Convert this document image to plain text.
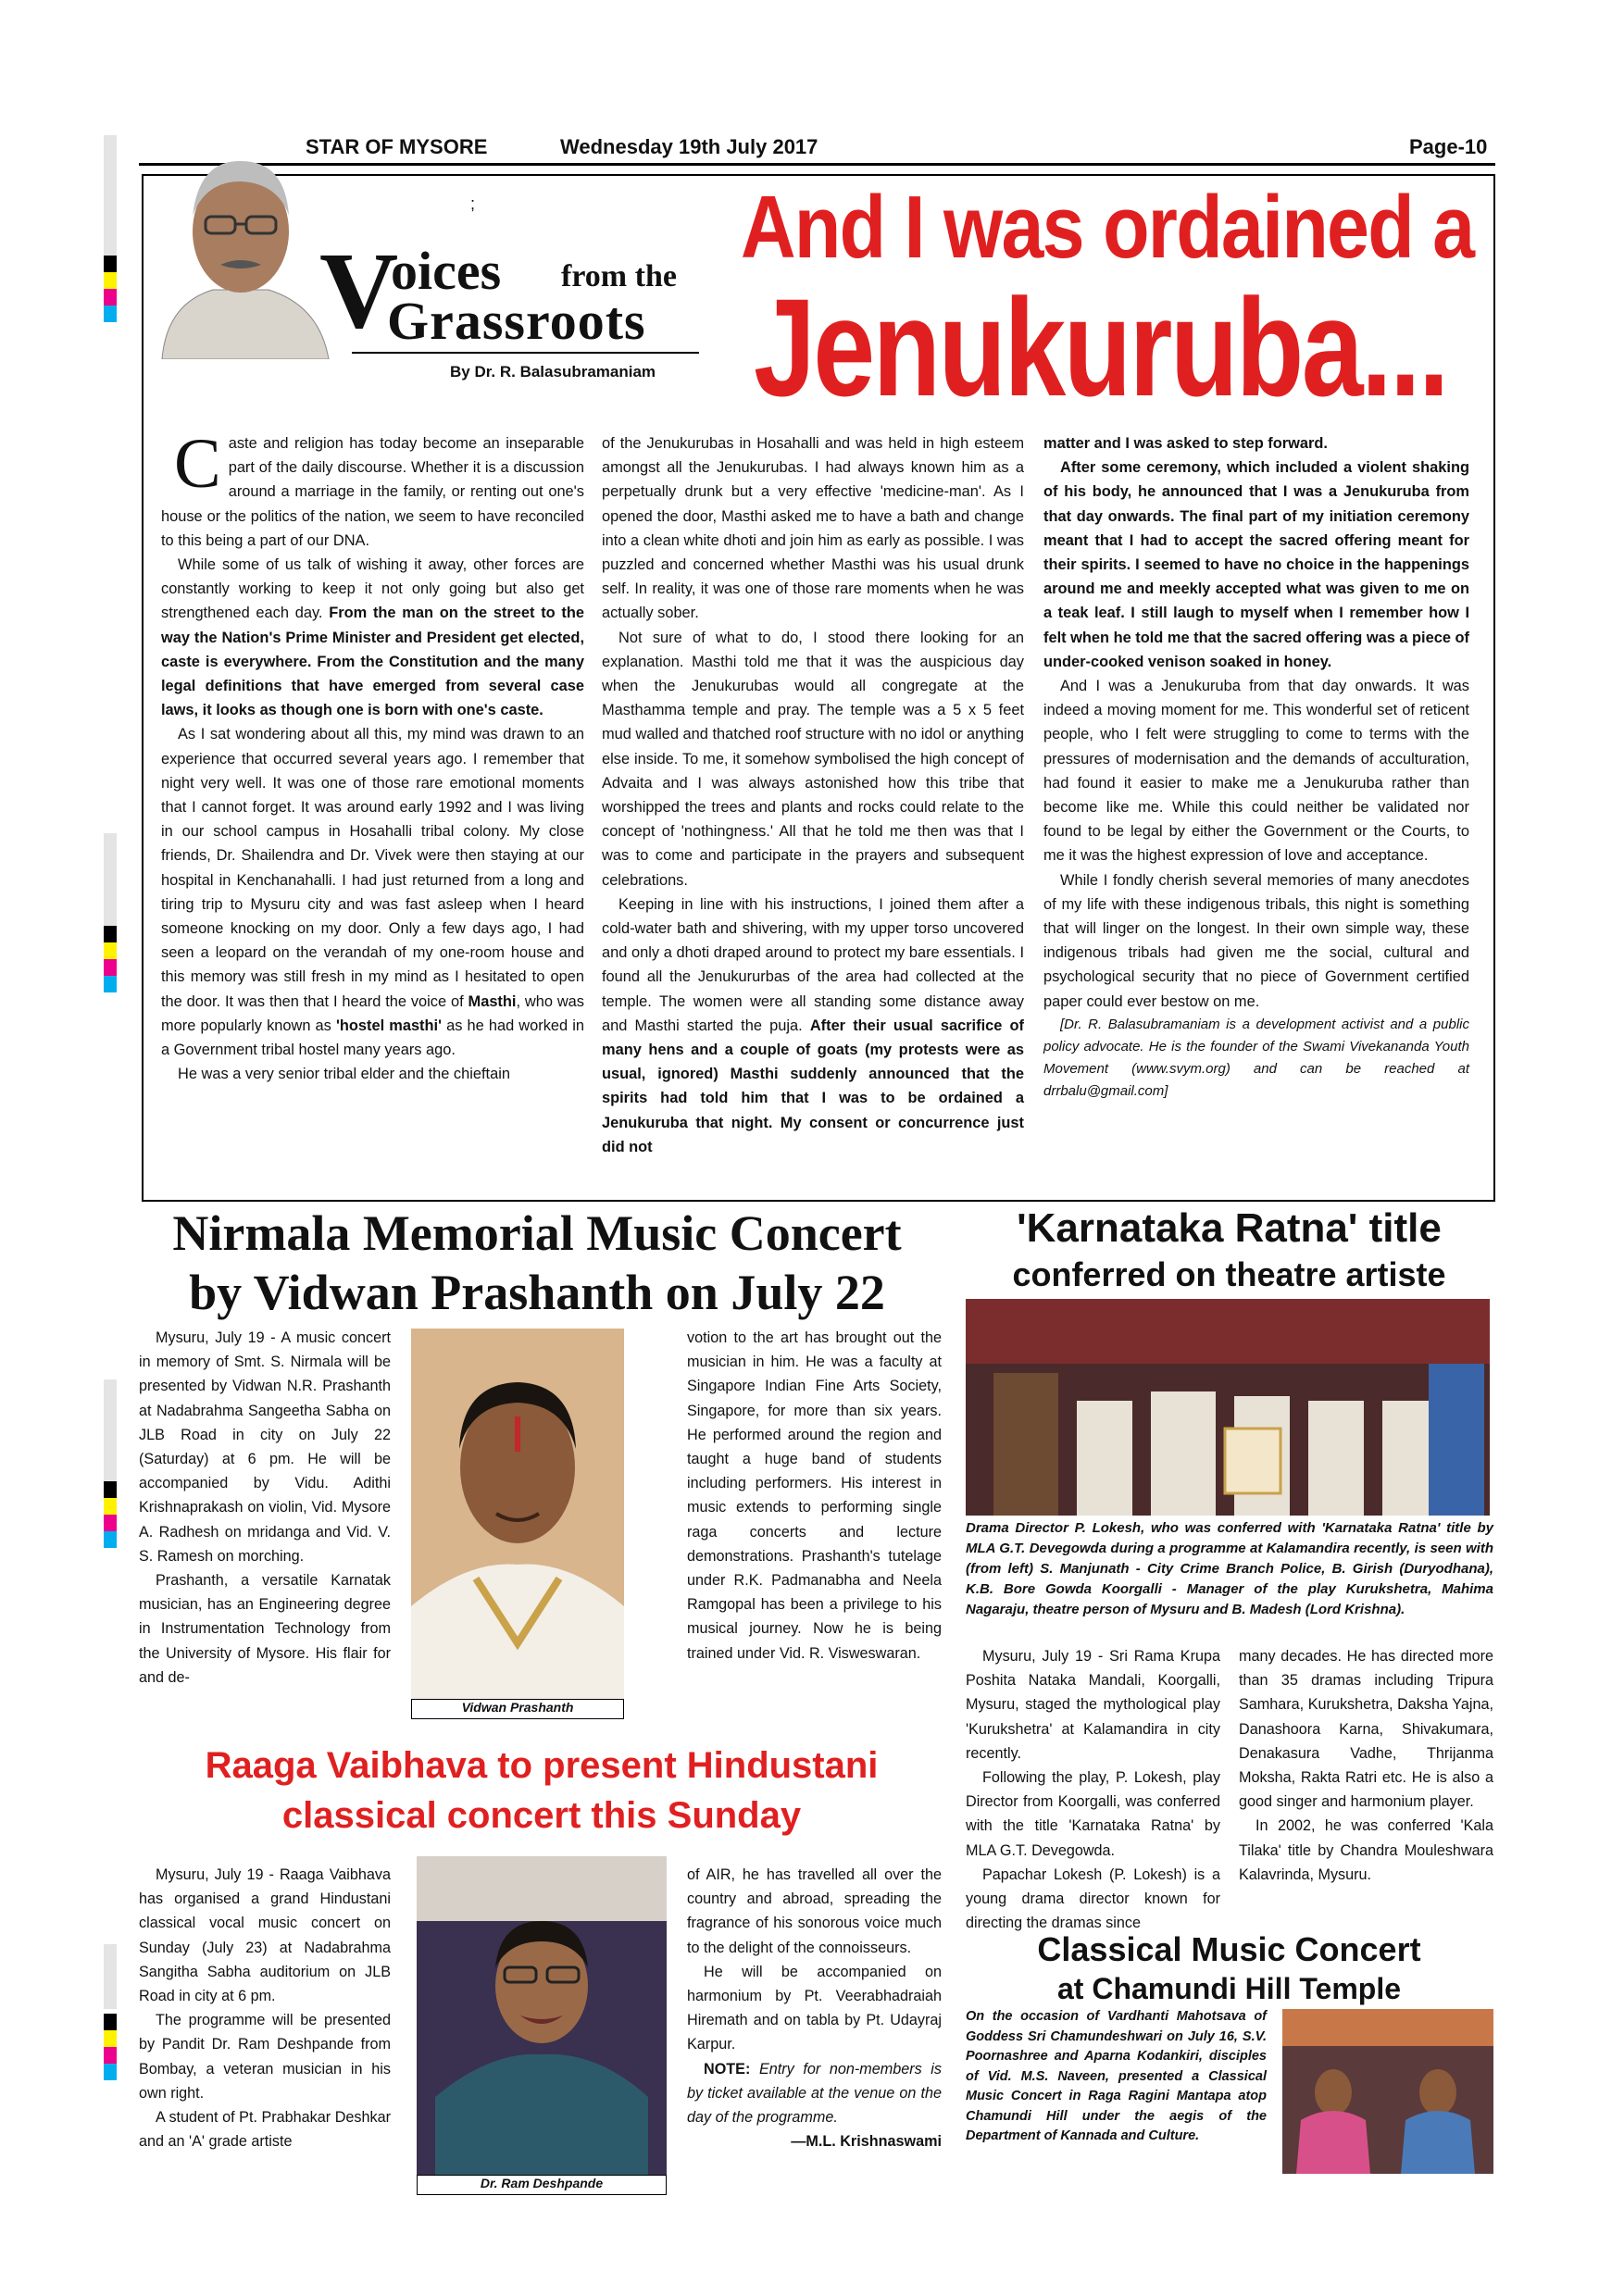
STAR OF MYSORE	Wednesday 19th July 2017	Page-10
;
V
oices from the
Grassroots
By Dr. R. Balasubramaniam
And I was ordained a
Jenukuruba...

Caste and religion has today become an inseparable part of the daily discourse. Whether it is a discussion around a marriage in the family, or renting out one's house or the politics of the nation, we seem to have reconciled to this being a part of our DNA.

While some of us talk of wishing it away, other forces are constantly working to keep it not only going but also get strengthened each day. From the man on the street to the way the Nation's Prime Minister and President get elected, caste is everywhere. From the Constitution and the many legal definitions that have emerged from several case laws, it looks as though one is born with one's caste.

As I sat wondering about all this, my mind was drawn to an experience that occurred several years ago. I remember that night very well. It was one of those rare emotional moments that I cannot forget. It was around early 1992 and I was living in our school campus in Hosahalli tribal colony. My close friends, Dr. Shailendra and Dr. Vivek were then staying at our hospital in Kenchanahalli. I had just returned from a long and tiring trip to Mysuru city and was fast asleep when I heard someone knocking on my door. Only a few days ago, I had seen a leopard on the verandah of my one-room house and this memory was still fresh in my mind as I hesitated to open the door. It was then that I heard the voice of Masthi, who was more popularly known as 'hostel masthi' as he had worked in a Government tribal hostel many years ago.

He was a very senior tribal elder and the chieftain

of the Jenukurubas in Hosahalli and was held in high esteem amongst all the Jenukurubas. I had always known him as a perpetually drunk but a very effective 'medicine-man'. As I opened the door, Masthi asked me to have a bath and change into a clean white dhoti and join him as early as possible. I was puzzled and concerned whether Masthi was his usual drunk self. In reality, it was one of those rare moments when he was actually sober.

Not sure of what to do, I stood there looking for an explanation. Masthi told me that it was the auspicious day when the Jenukurubas would all congregate at the Masthamma temple and pray. The temple was a 5 x 5 feet mud walled and thatched roof structure with no idol or anything else inside. To me, it somehow symbolised the high concept of Advaita and I was always astonished how this tribe that worshipped the trees and plants and rocks could relate to the concept of 'nothingness.' All that he told me then was that I was to come and participate in the prayers and subsequent celebrations.

Keeping in line with his instructions, I joined them after a cold-water bath and shivering, with my upper torso uncovered and only a dhoti draped around to protect my bare essentials. I found all the Jenukururbas of the area had collected at the temple. The women were all standing some distance away and Masthi started the puja. After their usual sacrifice of many hens and a couple of goats (my protests were as usual, ignored) Masthi suddenly announced that the spirits had told him that I was to be ordained a Jenukuruba that night. My consent or concurrence just did not

matter and I was asked to step forward.

After some ceremony, which included a violent shaking of his body, he announced that I was a Jenukuruba from that day onwards. The final part of my initiation ceremony meant that I had to accept the sacred offering meant for their spirits. I seemed to have no choice in the happenings around me and meekly accepted what was given to me on a teak leaf. I still laugh to myself when I remember how I felt when he told me that the sacred offering was a piece of under-cooked venison soaked in honey.

And I was a Jenukuruba from that day onwards. It was indeed a moving moment for me. This wonderful set of reticent people, who I felt were struggling to come to terms with the pressures of modernisation and the demands of acculturation, had found it easier to make me a Jenukuruba rather than become like me. While this could neither be validated nor found to be legal by either the Government or the Courts, to me it was the highest expression of love and acceptance.

While I fondly cherish several memories of many anecdotes of my life with these indigenous tribals, this night is something that will linger on the longest. In their own simple way, these indigenous tribals had given me the social, cultural and psychological security that no piece of Government certified paper could ever bestow on me.

[Dr. R. Balasubramaniam is a development activist and a public policy advocate. He is the founder of the Swami Vivekananda Youth Movement (www.svym.org) and can be reached at drrbalu@gmail.com]

Nirmala Memorial Music Concert
by Vidwan Prashanth on July 22

Mysuru, July 19 - A music concert in memory of Smt. S. Nirmala will be presented by Vidwan N.R. Prashanth at Nadabrahma Sangeetha Sabha on JLB Road in city on July 22 (Saturday) at 6 pm. He will be accompanied by Vidu. Adithi Krishnaprakash on violin, Vid. Mysore A. Radhesh on mridanga and Vid. V. S. Ramesh on morching.

Prashanth, a versatile Karnatak musician, has an Engineering degree in Instrumentation Technology from the University of Mysore. His flair for and de-

Vidwan Prashanth

votion to the art has brought out the musician in him. He was a faculty at Singapore Indian Fine Arts Society, Singapore, for more than six years. He performed around the region and taught a huge band of students including performers. His interest in music extends to performing single raga concerts and lecture demonstrations. Prashanth's tutelage under R.K. Padmanabha and Neela Ramgopal has been a privilege to his musical journey. Now he is being trained under Vid. R. Visweswaran.

'Karnataka Ratna' title
conferred on theatre artiste
Drama Director P. Lokesh, who was conferred with 'Karnataka Ratna' title by MLA G.T. Devegowda during a programme at Kalamandira recently, is seen with (from left) S. Manjunath - City Crime Branch Police, B. Girish (Duryodhana), K.B. Bore Gowda Koorgalli - Manager of the play Kurukshetra, Mahima Nagaraju, theatre person of Mysuru and B. Madesh (Lord Krishna).

Mysuru, July 19 - Sri Rama Krupa Poshita Nataka Mandali, Koorgalli, Mysuru, staged the mythological play 'Kurukshetra' at Kalamandira in city recently.

Following the play, P. Lokesh, play Director from Koorgalli, was conferred with the title 'Karnataka Ratna' by MLA G.T. Devegowda.

Papachar Lokesh (P. Lokesh) is a young drama director known for directing the dramas since

many decades. He has directed more than 35 dramas including Tripura Samhara, Kurukshetra, Daksha Yajna, Danashoora Karna, Shivakumara, Denakasura Vadhe, Thrijanma Moksha, Rakta Ratri etc. He is also a good singer and harmonium player.

In 2002, he was conferred 'Kala Tilaka' title by Chandra Mouleshwara Kalavrinda, Mysuru.

Raaga Vaibhava to present Hindustani
classical concert this Sunday

Mysuru, July 19 - Raaga Vaibhava has organised a grand Hindustani classical vocal music concert on Sunday (July 23) at Nadabrahma Sangitha Sabha auditorium on JLB Road in city at 6 pm.

The programme will be presented by Pandit Dr. Ram Deshpande from Bombay, a veteran musician in his own right.

A student of Pt. Prabhakar Deshkar and an 'A' grade artiste

Dr. Ram Deshpande

of AIR, he has travelled all over the country and abroad, spreading the fragrance of his sonorous voice much to the delight of the connoisseurs.

He will be accompanied on harmonium by Pt. Veerabhadraiah Hiremath and on tabla by Pt. Udayraj Karpur.

NOTE: Entry for non-members is by ticket available at the venue on the day of the programme.

—M.L. Krishnaswami

Classical Music Concert
at Chamundi Hill Temple
On the occasion of Vardhanti Mahotsava of Goddess Sri Chamundeshwari on July 16, S.V. Poornashree and Aparna Kodankiri, disciples of Vid. M.S. Naveen, presented a Classical Music Concert in Raga Ragini Mantapa atop Chamundi Hill under the aegis of the Department of Kannada and Culture.
